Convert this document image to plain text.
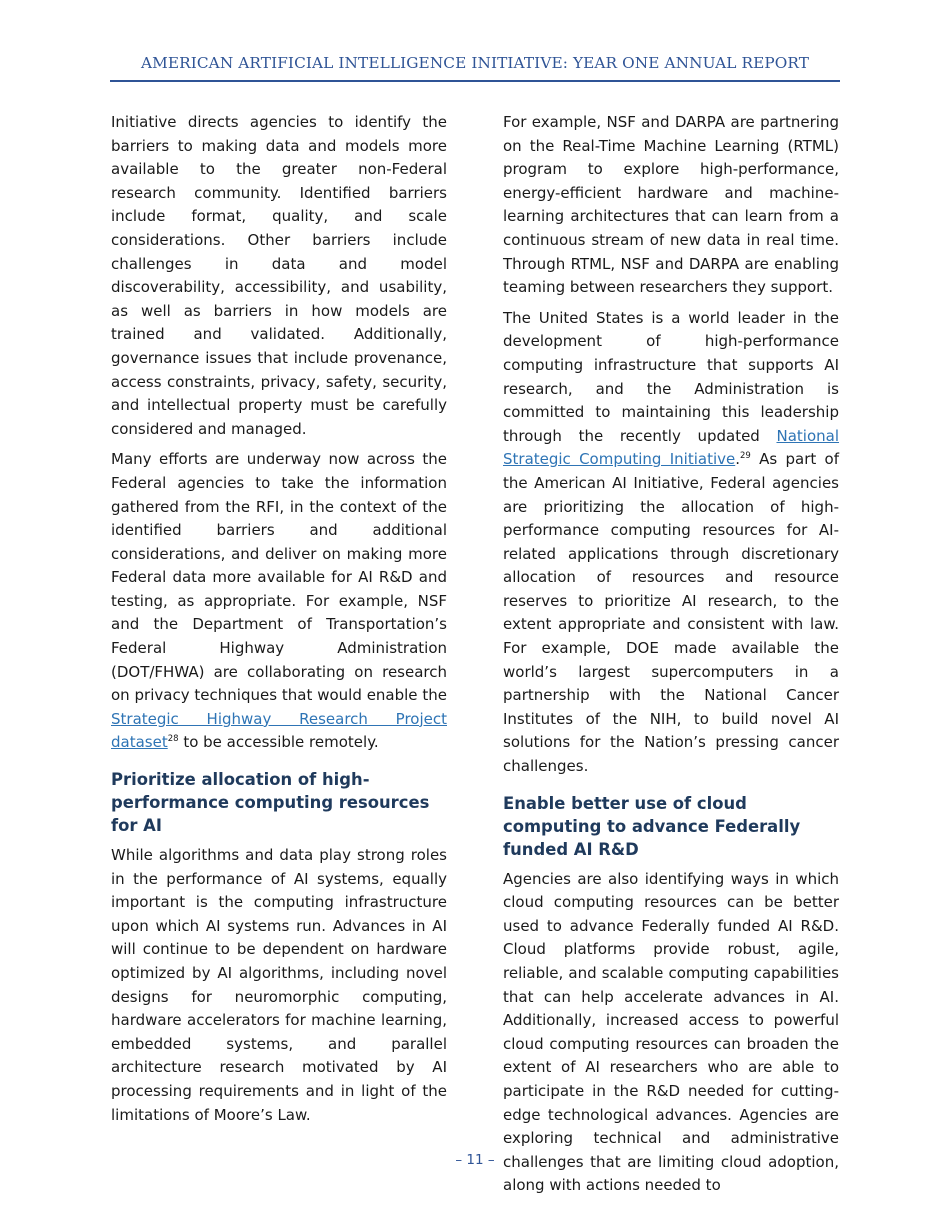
AMERICAN ARTIFICIAL INTELLIGENCE INITIATIVE: YEAR ONE ANNUAL REPORT

Initiative directs agencies to identify the barriers to making data and models more available to the greater non-Federal research community. Identified barriers include format, quality, and scale considerations. Other barriers include challenges in data and model discoverability, accessibility, and usability, as well as barriers in how models are trained and validated. Additionally, governance issues that include provenance, access constraints, privacy, safety, security, and intellectual property must be carefully considered and managed.

Many efforts are underway now across the Federal agencies to take the information gathered from the RFI, in the context of the identified barriers and additional considerations, and deliver on making more Federal data more available for AI R&D and testing, as appropriate. For example, NSF and the Department of Transportation’s Federal Highway Administration (DOT/FHWA) are collaborating on research on privacy techniques that would enable the Strategic Highway Research Project dataset$^{28}$ to be accessible remotely.

Prioritize allocation of high-performance computing resources for AI

While algorithms and data play strong roles in the performance of AI systems, equally important is the computing infrastructure upon which AI systems run. Advances in AI will continue to be dependent on hardware optimized by AI algorithms, including novel designs for neuromorphic computing, hardware accelerators for machine learning, embedded systems, and parallel architecture research motivated by AI processing requirements and in light of the limitations of Moore’s Law.

For example, NSF and DARPA are partnering on the Real-Time Machine Learning (RTML) program to explore high-performance, energy-efficient hardware and machine-learning architectures that can learn from a continuous stream of new data in real time. Through RTML, NSF and DARPA are enabling teaming between researchers they support.

The United States is a world leader in the development of high-performance computing infrastructure that supports AI research, and the Administration is committed to maintaining this leadership through the recently updated National Strategic Computing Initiative.$^{29}$ As part of the American AI Initiative, Federal agencies are prioritizing the allocation of high-performance computing resources for AI-related applications through discretionary allocation of resources and resource reserves to prioritize AI research, to the extent appropriate and consistent with law. For example, DOE made available the world’s largest supercomputers in a partnership with the National Cancer Institutes of the NIH, to build novel AI solutions for the Nation’s pressing cancer challenges.

Enable better use of cloud computing to advance Federally funded AI R&D

Agencies are also identifying ways in which cloud computing resources can be better used to advance Federally funded AI R&D. Cloud platforms provide robust, agile, reliable, and scalable computing capabilities that can help accelerate advances in AI. Additionally, increased access to powerful cloud computing resources can broaden the extent of AI researchers who are able to participate in the R&D needed for cutting-edge technological advances. Agencies are exploring technical and administrative challenges that are limiting cloud adoption, along with actions needed to

– 11 –
